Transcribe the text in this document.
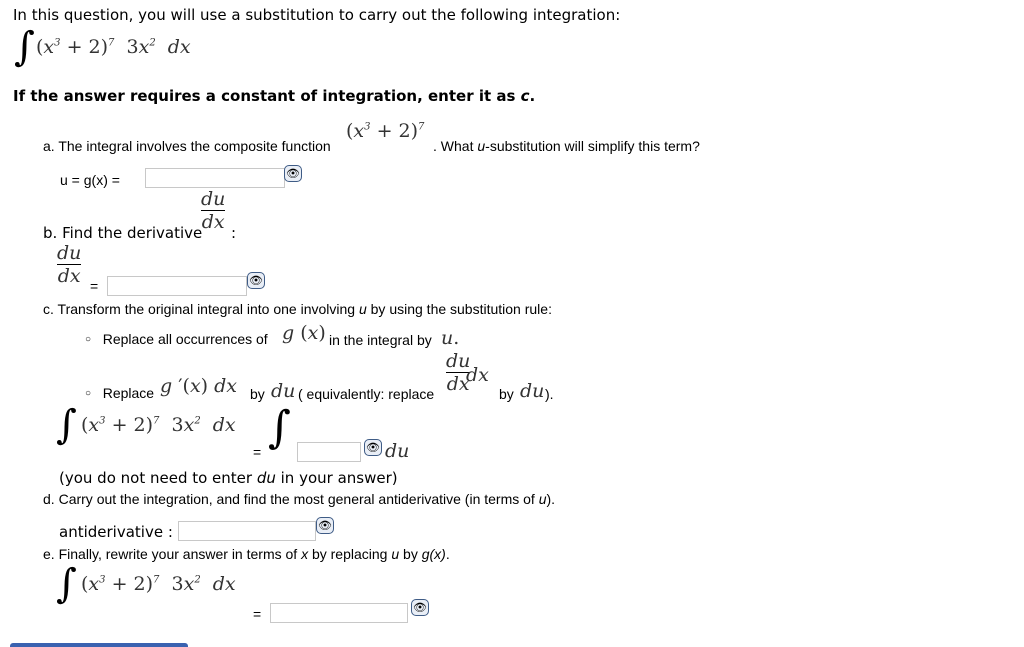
In this question, you will use a substitution to carry out the following integration:
∫ $(x^3 + 2)^7$ $3x^2$  dx
If the answer requires a constant of integration, enter it as c.
a. The integral involves the composite function
$(x^3 + 2)^7$
. What u-substitution will simplify this term?
u = g(x) =	👁
du
dx
b. Find the derivative :
du
dx =	👁
c. Transform the original integral into one involving u by using the substitution rule:
○ Replace all occurrences of g (x) in the integral by u.
○ Replace g ′(x) dx by du ( equivalently: replace
du
dx
dx
by du ).
∫ $(x^3 + 2)^7$ $3x^2$  dx
= ∫	👁 du
(you do not need to enter du in your answer)
d. Carry out the integration, and find the most general antiderivative (in terms of u).
antiderivative :	👁
e. Finally, rewrite your answer in terms of x by replacing u by g(x).
∫ $(x^3 + 2)^7$ $3x^2$  dx
=	👁
